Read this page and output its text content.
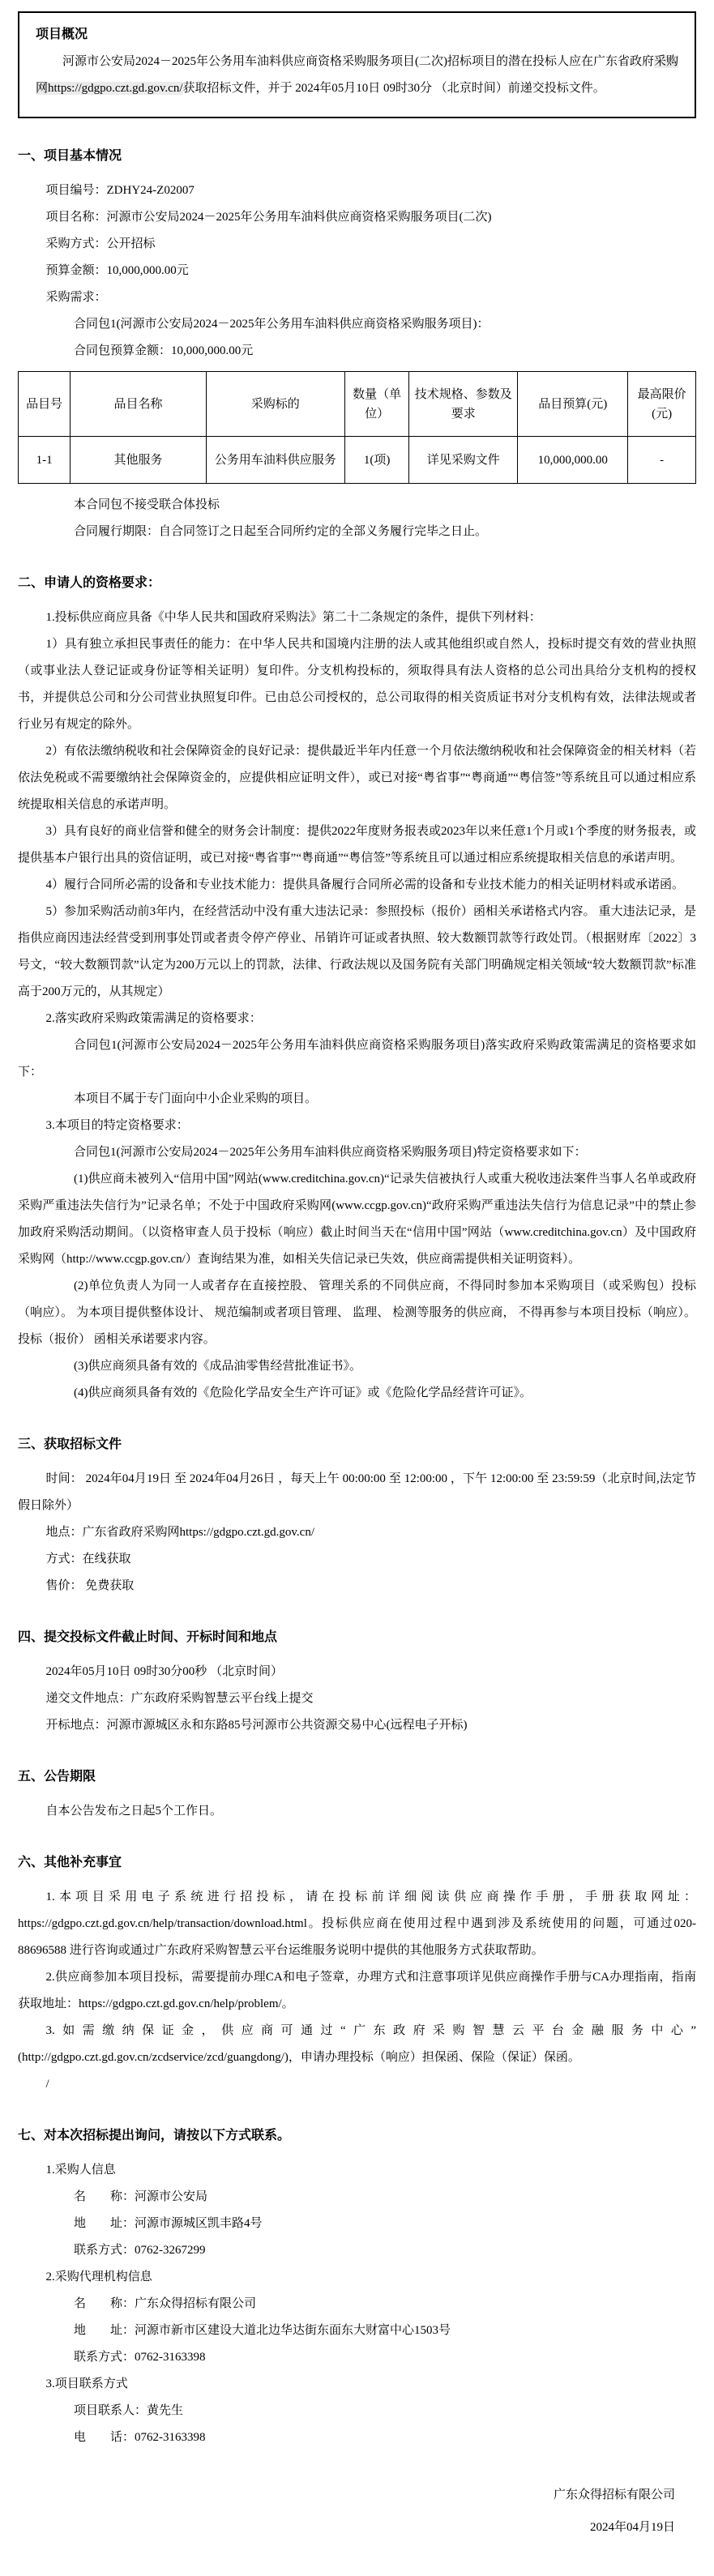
项目概况

河源市公安局2024－2025年公务用车油料供应商资格采购服务项目(二次)招标项目的潜在投标人应在广东省政府采购网https://gdgpo.czt.gd.gov.cn/获取招标文件，并于 2024年05月10日 09时30分 （北京时间）前递交投标文件。

一、项目基本情况

项目编号：ZDHY24-Z02007

项目名称：河源市公安局2024－2025年公务用车油料供应商资格采购服务项目(二次)

采购方式：公开招标

预算金额：10,000,000.00元

采购需求：

合同包1(河源市公安局2024－2025年公务用车油料供应商资格采购服务项目)：

合同包预算金额：10,000,000.00元

品目号	品目名称	采购标的	数量（单位）	技术规格、参数及要求	品目预算(元)	最高限价(元)
1-1	其他服务	公务用车油料供应服务	1(项)	详见采购文件	10,000,000.00	-

本合同包不接受联合体投标

合同履行期限：自合同签订之日起至合同所约定的全部义务履行完毕之日止。

二、申请人的资格要求：

1.投标供应商应具备《中华人民共和国政府采购法》第二十二条规定的条件，提供下列材料：

1）具有独立承担民事责任的能力：在中华人民共和国境内注册的法人或其他组织或自然人，投标时提交有效的营业执照（或事业法人登记证或身份证等相关证明）复印件。分支机构投标的，须取得具有法人资格的总公司出具给分支机构的授权书，并提供总公司和分公司营业执照复印件。已由总公司授权的，总公司取得的相关资质证书对分支机构有效，法律法规或者行业另有规定的除外。

2）有依法缴纳税收和社会保障资金的良好记录：提供最近半年内任意一个月依法缴纳税收和社会保障资金的相关材料（若依法免税或不需要缴纳社会保障资金的，应提供相应证明文件），或已对接“粤省事”“粤商通”“粤信签”等系统且可以通过相应系统提取相关信息的承诺声明。

3）具有良好的商业信誉和健全的财务会计制度：提供2022年度财务报表或2023年以来任意1个月或1个季度的财务报表，或提供基本户银行出具的资信证明，或已对接“粤省事”“粤商通”“粤信签”等系统且可以通过相应系统提取相关信息的承诺声明。

4）履行合同所必需的设备和专业技术能力：提供具备履行合同所必需的设备和专业技术能力的相关证明材料或承诺函。

5）参加采购活动前3年内，在经营活动中没有重大违法记录：参照投标（报价）函相关承诺格式内容。 重大违法记录，是指供应商因违法经营受到刑事处罚或者责令停产停业、吊销许可证或者执照、较大数额罚款等行政处罚。（根据财库〔2022〕3号文，“较大数额罚款”认定为200万元以上的罚款，法律、行政法规以及国务院有关部门明确规定相关领域“较大数额罚款”标准高于200万元的，从其规定）

2.落实政府采购政策需满足的资格要求：

合同包1(河源市公安局2024－2025年公务用车油料供应商资格采购服务项目)落实政府采购政策需满足的资格要求如下：

本项目不属于专门面向中小企业采购的项目。

3.本项目的特定资格要求：

合同包1(河源市公安局2024－2025年公务用车油料供应商资格采购服务项目)特定资格要求如下：

(1)供应商未被列入“信用中国”网站(www.creditchina.gov.cn)“记录失信被执行人或重大税收违法案件当事人名单或政府采购严重违法失信行为”记录名单；不处于中国政府采购网(www.ccgp.gov.cn)“政府采购严重违法失信行为信息记录”中的禁止参加政府采购活动期间。（以资格审查人员于投标（响应）截止时间当天在“信用中国”网站（www.creditchina.gov.cn）及中国政府采购网（http://www.ccgp.gov.cn/）查询结果为准，如相关失信记录已失效，供应商需提供相关证明资料）。

(2)单位负责人为同一人或者存在直接控股、 管理关系的不同供应商，不得同时参加本采购项目（或采购包）投标（响应）。 为本项目提供整体设计、 规范编制或者项目管理、 监理、 检测等服务的供应商， 不得再参与本项目投标（响应）。 投标（报价） 函相关承诺要求内容。

(3)供应商须具备有效的《成品油零售经营批准证书》。

(4)供应商须具备有效的《危险化学品安全生产许可证》或《危险化学品经营许可证》。

三、获取招标文件

时间： 2024年04月19日 至 2024年04月26日 ，每天上午 00:00:00 至 12:00:00 ，下午 12:00:00 至 23:59:59（北京时间,法定节假日除外）

地点：广东省政府采购网https://gdgpo.czt.gd.gov.cn/

方式：在线获取

售价： 免费获取

四、提交投标文件截止时间、开标时间和地点

2024年05月10日 09时30分00秒 （北京时间）

递交文件地点：广东政府采购智慧云平台线上提交

开标地点：河源市源城区永和东路85号河源市公共资源交易中心(远程电子开标)

五、公告期限

自本公告发布之日起5个工作日。

六、其他补充事宜

1.本项目采用电子系统进行招投标，请在投标前详细阅读供应商操作手册，手册获取网址：https://gdgpo.czt.gd.gov.cn/help/transaction/download.html。投标供应商在使用过程中遇到涉及系统使用的问题，可通过020-88696588 进行咨询或通过广东政府采购智慧云平台运维服务说明中提供的其他服务方式获取帮助。

2.供应商参加本项目投标，需要提前办理CA和电子签章，办理方式和注意事项详见供应商操作手册与CA办理指南，指南获取地址：https://gdgpo.czt.gd.gov.cn/help/problem/。

3.如需缴纳保证金，供应商可通过“广东政府采购智慧云平台金融服务中心”(http://gdgpo.czt.gd.gov.cn/zcdservice/zcd/guangdong/)，申请办理投标（响应）担保函、保险（保证）保函。

/

七、对本次招标提出询问，请按以下方式联系。

1.采购人信息

名　　称：河源市公安局

地　　址：河源市源城区凯丰路4号

联系方式：0762-3267299

2.采购代理机构信息

名　　称：广东众得招标有限公司

地　　址：河源市新市区建设大道北边华达街东面东大财富中心1503号

联系方式：0762-3163398

3.项目联系方式

项目联系人：黄先生

电　　话：0762-3163398

广东众得招标有限公司

2024年04月19日
